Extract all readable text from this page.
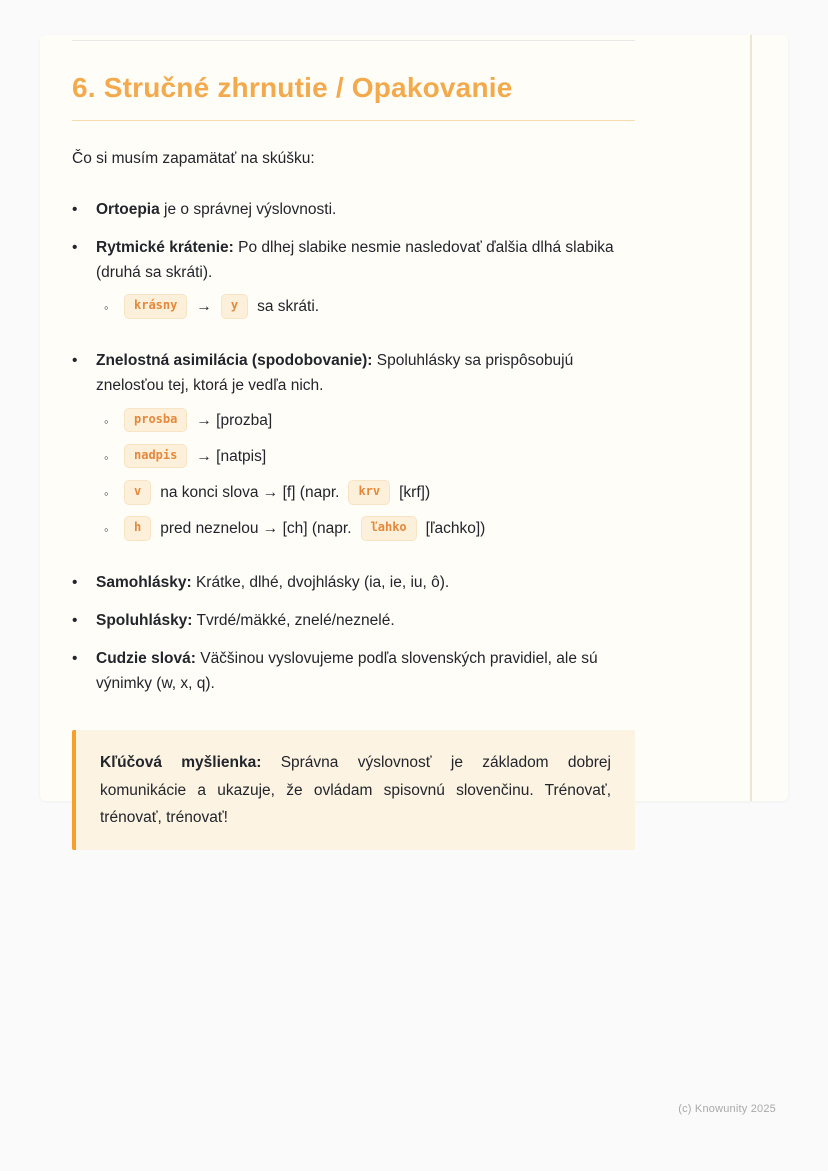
6. Stručné zhrnutie / Opakovanie

Čo si musím zapamätať na skúšku:

•	Ortoepia je o správnej výslovnosti.
•	Rytmické krátenie: Po dlhej slabike nesmie nasledovať ďalšia dlhá slabika (druhá sa skráti).
◦	krásny	→	y	sa skráti.
•	Znelostná asimilácia (spodobovanie): Spoluhlásky sa prispôsobujú znelosťou tej, ktorá je vedľa nich.
◦	prosba	→ [prozba]
◦	nadpis	→ [natpis]
◦	v	na konci slova → [f] (napr.	krv	[krf])
◦	h	pred neznelou → [ch] (napr.	ľahko	[ľachko])
•	Samohlásky: Krátke, dlhé, dvojhlásky (ia, ie, iu, ô).
•	Spoluhlásky: Tvrdé/mäkké, znelé/neznelé.
•	Cudzie slová: Väčšinou vyslovujeme podľa slovenských pravidiel, ale sú výnimky (w, x, q).
Kľúčová myšlienka: Správna výslovnosť je základom dobrej komunikácie a ukazuje, že ovládam spisovnú slovenčinu. Trénovať, trénovať, trénovať!
(c) Knowunity 2025
